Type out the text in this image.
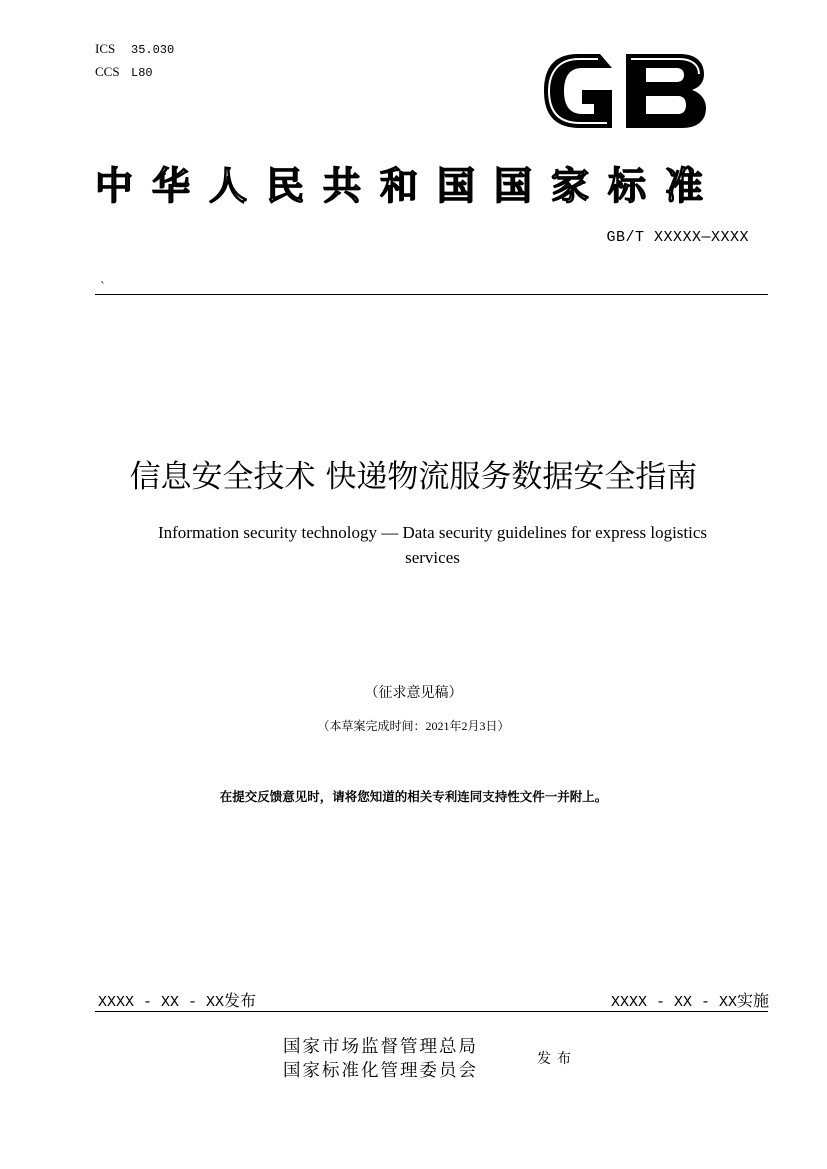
ICS 35.030
CCS L80
中华人民共和国国家标准
GB/T XXXXX—XXXX
`
信息安全技术 快递物流服务数据安全指南
Information security technology — Data security guidelines for express logistics
services
（征求意见稿）
（本草案完成时间：2021年2月3日）
在提交反馈意见时，请将您知道的相关专利连同支持性文件一并附上。
XXXX - XX - XX发布	XXXX - XX - XX实施
国家市场监督管理总局
国家标准化管理委员会
发布
